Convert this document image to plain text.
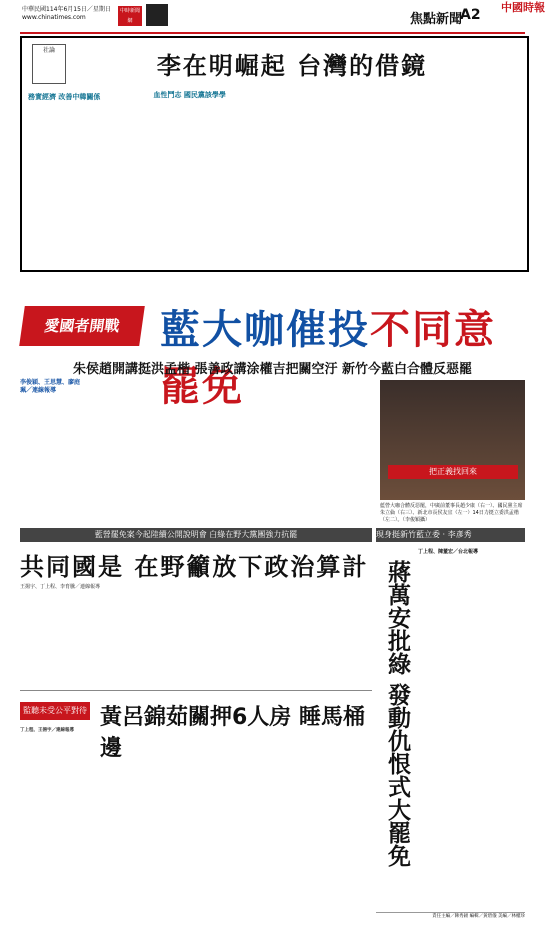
中華民國114年6月15日／星期日
www.chinatimes.com
中時新聞網	焦點新聞
A2 中國時報
社論
李在明崛起 台灣的借鏡
務實經濟 改善中韓關係	血性鬥志 國民黨該學學
愛國者開戰 藍大咖催投不同意罷免
朱侯趙開講挺洪孟楷 張善政講涂權吉把關空汙 新竹今藍白合體反惡罷
李俊穎、王思慧、廖庭珮／連線報導
把正義找回來
藍營大咖合體反惡罷，中廣前董事長趙少康（右一）、國民黨主席朱立倫（右三）、新北市長侯友宜（左一）14日力挺立委洪孟楷（左二）。（李俊穎攝）
藍營罷免案今起陸續公開說明會 白綠在野大黨團強力抗罷	現身挺新竹藍立委 · 李彥秀
共同國是 在野籲放下政治算計
王揚宇、丁上程、李育騰／連線報導
監聽未受公平對待 黃呂錦茹關押6人房 睡馬桶邊
丁上程、王揚宇／連線報導	蔣萬安批綠 發動仇恨式大罷免
丁上程、陳董宏／台北報導
責任主編／陳秀穎 編輯／黃碧儀 美編／林權珍
